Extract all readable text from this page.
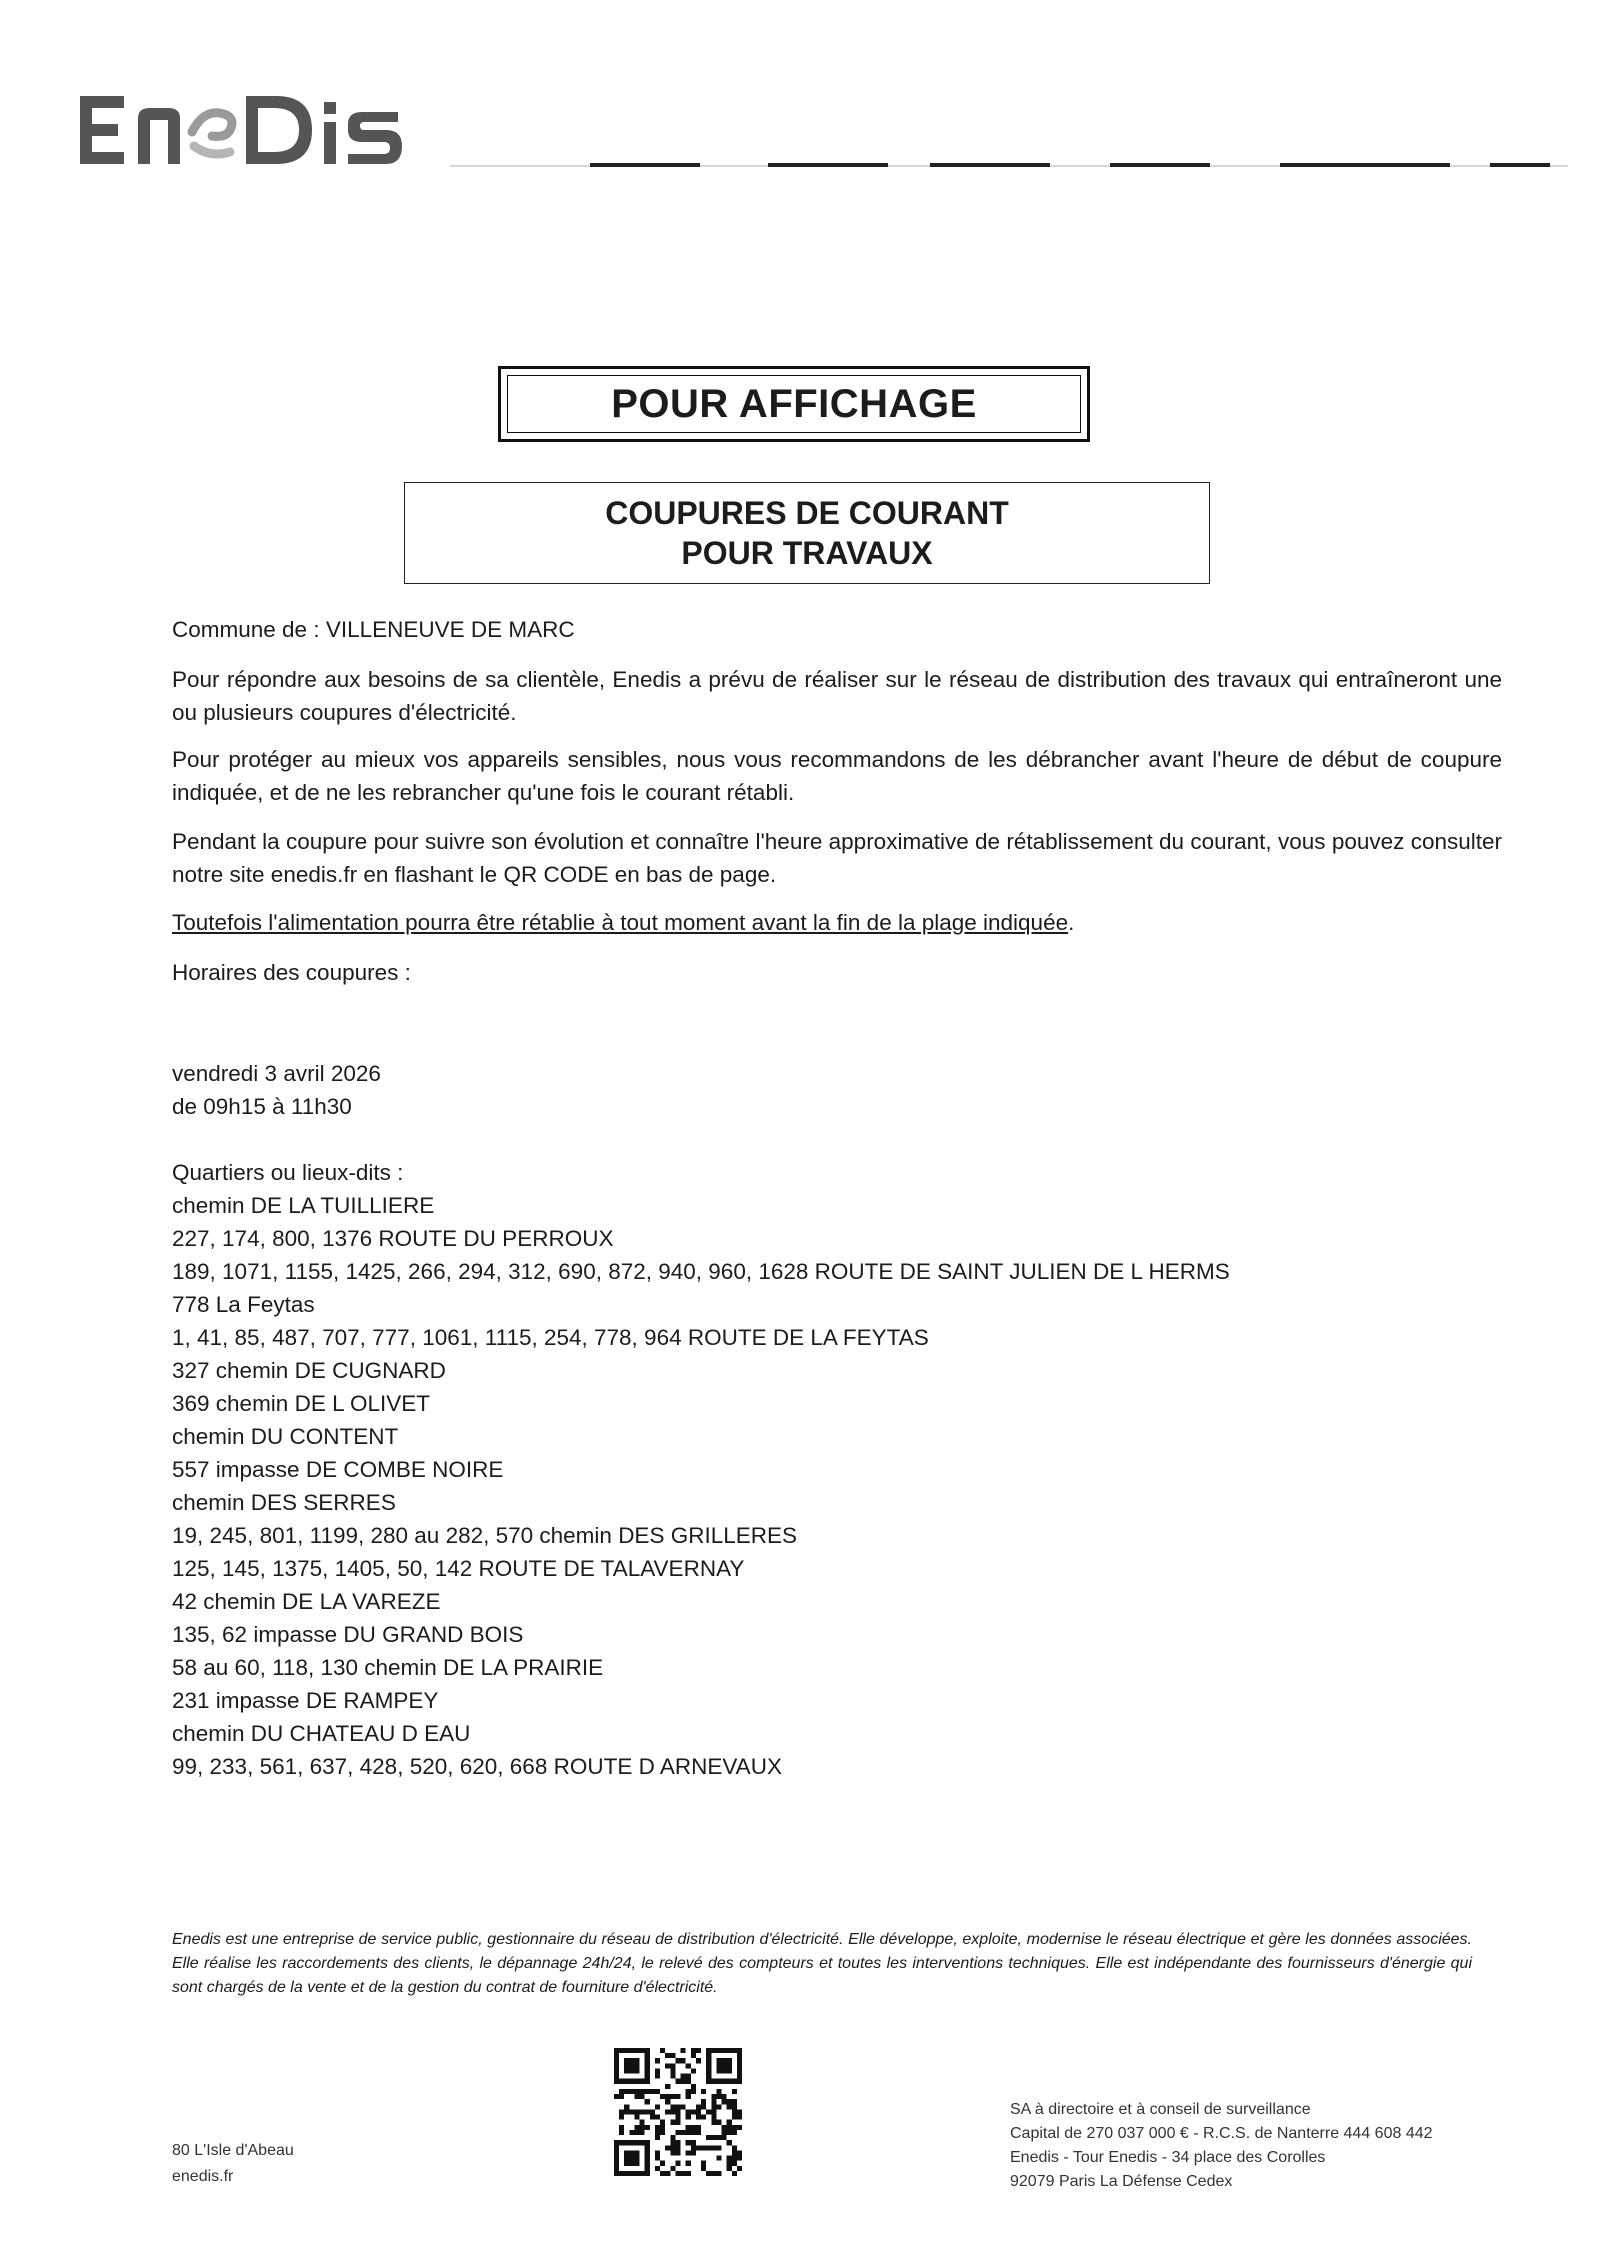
POUR AFFICHAGE
COUPURES DE COURANT
POUR TRAVAUX
Commune de : VILLENEUVE DE MARC
Pour répondre aux besoins de sa clientèle, Enedis a prévu de réaliser sur le réseau de distribution des travaux qui entraîneront une ou plusieurs coupures d'électricité.
Pour protéger au mieux vos appareils sensibles, nous vous recommandons de les débrancher avant l'heure de début de coupure indiquée, et de ne les rebrancher qu'une fois le courant rétabli.
Pendant la coupure pour suivre son évolution et connaître l'heure approximative de rétablissement du courant, vous pouvez consulter notre site enedis.fr en flashant le QR CODE en bas de page.
Toutefois l'alimentation pourra être rétablie à tout moment avant la fin de la plage indiquée.
Horaires des coupures :
vendredi 3 avril 2026
de 09h15 à 11h30
Quartiers ou lieux-dits :
chemin DE LA TUILLIERE
227, 174, 800, 1376 ROUTE DU PERROUX
189, 1071, 1155, 1425, 266, 294, 312, 690, 872, 940, 960, 1628 ROUTE DE SAINT JULIEN DE L HERMS
778 La Feytas
1, 41, 85, 487, 707, 777, 1061, 1115, 254, 778, 964 ROUTE DE LA FEYTAS
327 chemin DE CUGNARD
369 chemin DE L OLIVET
chemin DU CONTENT
557 impasse DE COMBE NOIRE
chemin DES SERRES
19, 245, 801, 1199, 280 au 282, 570 chemin DES GRILLERES
125, 145, 1375, 1405, 50, 142 ROUTE DE TALAVERNAY
42 chemin DE LA VAREZE
135, 62 impasse DU GRAND BOIS
58 au 60, 118, 130 chemin DE LA PRAIRIE
231 impasse DE RAMPEY
chemin DU CHATEAU D EAU
99, 233, 561, 637, 428, 520, 620, 668 ROUTE D ARNEVAUX
Enedis est une entreprise de service public, gestionnaire du réseau de distribution d'électricité. Elle développe, exploite, modernise le réseau électrique et gère les données associées. Elle réalise les raccordements des clients, le dépannage 24h/24, le relevé des compteurs et toutes les interventions techniques. Elle est indépendante des fournisseurs d'énergie qui sont chargés de la vente et de la gestion du contrat de fourniture d'électricité.
80 L'Isle d'Abeau
enedis.fr
SA à directoire et à conseil de surveillance
Capital de 270 037 000 € - R.C.S. de Nanterre 444 608 442
Enedis - Tour Enedis - 34 place des Corolles
92079 Paris La Défense Cedex
